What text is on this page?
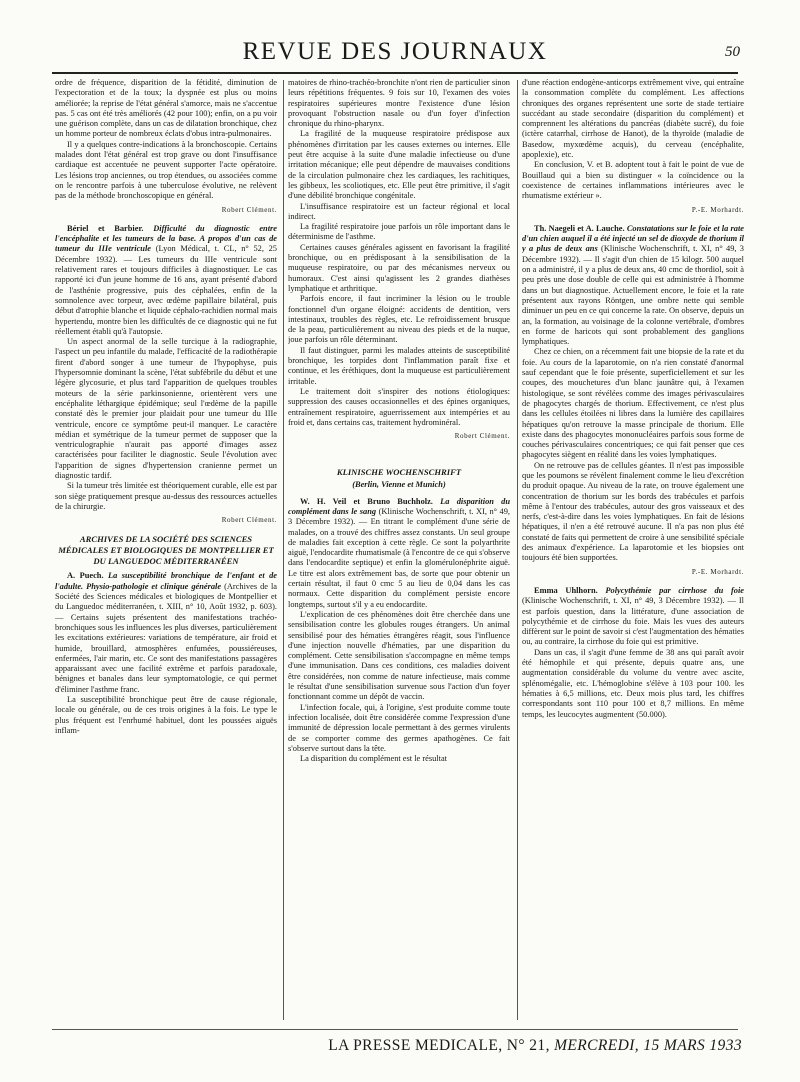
REVUE DES JOURNAUX	50

ordre de fréquence, disparition de la fétidité, diminution de l'expectoration et de la toux; la dyspnée est plus ou moins améliorée; la reprise de l'état général s'amorce, mais ne s'accentue pas. 5 cas ont été très améliorés (42 pour 100); enfin, on a pu voir une guérison complète, dans un cas de dilatation bronchique, chez un homme porteur de nombreux éclats d'obus intra-pulmonaires.

Il y a quelques contre-indications à la bronchoscopie. Certains malades dont l'état général est trop grave ou dont l'insuffisance cardiaque est accentuée ne peuvent supporter l'acte opératoire. Les lésions trop anciennes, ou trop étendues, ou associées comme on le rencontre parfois à une tuberculose évolutive, ne relèvent pas de la méthode bronchoscopique en général.

Robert Clément.

Bériel et Barbier. Difficulté du diagnostic entre l'encéphalite et les tumeurs de la base. A propos d'un cas de tumeur du IIIe ventricule (Lyon Médical, t. CL, n° 52, 25 Décembre 1932). — Les tumeurs du IIIe ventricule sont relativement rares et toujours difficiles à diagnostiquer. Le cas rapporté ici d'un jeune homme de 16 ans, ayant présenté d'abord de l'asthénie progressive, puis des céphalées, enfin de la somnolence avec torpeur, avec œdème papillaire bilatéral, puis début d'atrophie blanche et liquide céphalo-rachidien normal mais hypertendu, montre bien les difficultés de ce diagnostic qui ne fut réellement établi qu'à l'autopsie.

Un aspect anormal de la selle turcique à la radiographie, l'aspect un peu infantile du malade, l'efficacité de la radiothérapie firent d'abord songer à une tumeur de l'hypophyse, puis l'hypersomnie dominant la scène, l'état subfébrile du début et une légère glycosurie, et plus tard l'apparition de quelques troubles moteurs de la série parkinsonienne, orientèrent vers une encéphalite léthargique épidémique; seul l'œdème de la papille constaté dès le premier jour plaidait pour une tumeur du IIIe ventricule, encore ce symptôme peut-il manquer. Le caractère médian et symétrique de la tumeur permet de supposer que la ventriculographie n'aurait pas apporté d'images assez caractérisées pour faciliter le diagnostic. Seule l'évolution avec l'apparition de signes d'hypertension cranienne permet un diagnostic tardif.

Si la tumeur très limitée est théoriquement curable, elle est par son siège pratiquement presque au-dessus des ressources actuelles de la chirurgie.

Robert Clément.
ARCHIVES DE LA SOCIÉTÉ DES SCIENCES MÉDICALES ET BIOLOGIQUES DE MONTPELLIER ET DU LANGUEDOC MÉDITERRANÉEN

A. Puech. La susceptibilité bronchique de l'enfant et de l'adulte. Physio-pathologie et clinique générale (Archives de la Société des Sciences médicales et biologiques de Montpellier et du Languedoc méditerranéen, t. XIII, n° 10, Août 1932, p. 603). — Certains sujets présentent des manifestations trachéo-bronchiques sous les influences les plus diverses, particulièrement les excitations extérieures: variations de température, air froid et humide, brouillard, atmosphères enfumées, poussiéreuses, enfermées, l'air marin, etc. Ce sont des manifestations passagères apparaissant avec une facilité extrême et parfois paradoxale, bénignes et banales dans leur symptomatologie, ce qui permet d'éliminer l'asthme franc.

La susceptibilité bronchique peut être de cause régionale, locale ou générale, ou de ces trois origines à la fois. Le type le plus fréquent est l'enrhumé habituel, dont les poussées aiguës inflam-

matoires de rhino-trachéo-bronchite n'ont rien de particulier sinon leurs répétitions fréquentes. 9 fois sur 10, l'examen des voies respiratoires supérieures montre l'existence d'une lésion provoquant l'obstruction nasale ou d'un foyer d'infection chronique du rhino-pharynx.

La fragilité de la muqueuse respiratoire prédispose aux phénomènes d'irritation par les causes externes ou internes. Elle peut être acquise à la suite d'une maladie infectieuse ou d'une irritation mécanique; elle peut dépendre de mauvaises conditions de la circulation pulmonaire chez les cardiaques, les rachitiques, les gibbeux, les scoliotiques, etc. Elle peut être primitive, il s'agit d'une débilité bronchique congénitale.

L'insuffisance respiratoire est un facteur régional et local indirect.

La fragilité respiratoire joue parfois un rôle important dans le déterminisme de l'asthme.

Certaines causes générales agissent en favorisant la fragilité bronchique, ou en prédisposant à la sensibilisation de la muqueuse respiratoire, ou par des mécanismes nerveux ou humoraux. C'est ainsi qu'agissent les 2 grandes diathèses lymphatique et arthritique.

Parfois encore, il faut incriminer la lésion ou le trouble fonctionnel d'un organe éloigné: accidents de dentition, vers intestinaux, troubles des règles, etc. Le refroidissement brusque de la peau, particulièrement au niveau des pieds et de la nuque, joue parfois un rôle déterminant.

Il faut distinguer, parmi les malades atteints de susceptibilité bronchique, les torpides dont l'inflammation paraît fixe et continue, et les éréthiques, dont la muqueuse est particulièrement irritable.

Le traitement doit s'inspirer des notions étiologiques: suppression des causes occasionnelles et des épines organiques, entraînement respiratoire, aguerrissement aux intempéries et au froid et, dans certains cas, traitement hydrominéral.

Robert Clément.
KLINISCHE WOCHENSCHRIFT
(Berlin, Vienne et Munich)

W. H. Veil et Bruno Buchholz. La disparition du complément dans le sang (Klinische Wochenschrift, t. XI, n° 49, 3 Décembre 1932). — En titrant le complément d'une série de malades, on a trouvé des chiffres assez constants. Un seul groupe de maladies fait exception à cette règle. Ce sont la polyarthrite aiguë, l'endocardite rhumatismale (à l'encontre de ce qui s'observe dans l'endocardite septique) et enfin la glomérulonéphrite aiguë. Le titre est alors extrêmement bas, de sorte que pour obtenir un certain résultat, il faut 0 cmc 5 au lieu de 0,04 dans les cas normaux. Cette disparition du complément persiste encore longtemps, surtout s'il y a eu endocardite.

L'explication de ces phénomènes doit être cherchée dans une sensibilisation contre les globules rouges étrangers. Un animal sensibilisé pour des hématies étrangères réagit, sous l'influence d'une injection nouvelle d'hématies, par une disparition du complément. Cette sensibilisation s'accompagne en même temps d'une immunisation. Dans ces conditions, ces maladies doivent être considérées, non comme de nature infectieuse, mais comme le résultat d'une sensibilisation survenue sous l'action d'un foyer fonctionnant comme un dépôt de vaccin.

L'infection focale, qui, à l'origine, s'est produite comme toute infection localisée, doit être considérée comme l'expression d'une immunité de dépression locale permettant à des germes virulents de se comporter comme des germes apathogènes. Ce fait s'observe surtout dans la tête.

La disparition du complément est le résultat

d'une réaction endogène-anticorps extrêmement vive, qui entraîne la consommation complète du complément. Les affections chroniques des organes représentent une sorte de stade tertiaire succédant au stade secondaire (disparition du complément) et comprennent les altérations du pancréas (diabète sucré), du foie (ictère catarrhal, cirrhose de Hanot), de la thyroïde (maladie de Basedow, myxœdème acquis), du cerveau (encéphalite, apoplexie), etc.

En conclusion, V. et B. adoptent tout à fait le point de vue de Bouillaud qui a bien su distinguer « la coïncidence ou la coexistence de certaines inflammations intérieures avec le rhumatisme extérieur ».

P.-E. Morhardt.

Th. Naegeli et A. Lauche. Constatations sur le foie et la rate d'un chien auquel il a été injecté un sel de dioxyde de thorium il y a plus de deux ans (Klinische Wochenschrift, t. XI, n° 49, 3 Décembre 1932). — Il s'agit d'un chien de 15 kilogr. 500 auquel on a administré, il y a plus de deux ans, 40 cmc de thordiol, soit à peu près une dose double de celle qui est administrée à l'homme dans un but diagnostique. Actuellement encore, le foie et la rate présentent aux rayons Röntgen, une ombre nette qui semble diminuer un peu en ce qui concerne la rate. On observe, depuis un an, la formation, au voisinage de la colonne vertébrale, d'ombres en forme de haricots qui sont probablement des ganglions lymphatiques.

Chez ce chien, on a récemment fait une biopsie de la rate et du foie. Au cours de la laparotomie, on n'a rien constaté d'anormal sauf cependant que le foie présente, superficiellement et sur les coupes, des mouchetures d'un blanc jaunâtre qui, à l'examen histologique, se sont révélées comme des images périvasculaires de phagocytes chargés de thorium. Effectivement, ce n'est plus dans les cellules étoilées ni libres dans la lumière des capillaires hépatiques qu'on retrouve la masse principale de thorium. Elle existe dans des phagocytes mononucléaires parfois sous forme de couches périvasculaires concentriques; ce qui fait penser que ces phagocytes siègent en réalité dans les voies lymphatiques.

On ne retrouve pas de cellules géantes. Il n'est pas impossible que les poumons se révèlent finalement comme le lieu d'excrétion du produit opaque. Au niveau de la rate, on trouve également une concentration de thorium sur les bords des trabécules et parfois même à l'entour des trabécules, autour des gros vaisseaux et des nerfs, c'est-à-dire dans les voies lymphatiques. En fait de lésions hépatiques, il n'en a été retrouvé aucune. Il n'a pas non plus été constaté de faits qui permettent de croire à une sensibilité spéciale des animaux d'expérience. La laparotomie et les biopsies ont toujours été bien supportées.

P.-E. Morhardt.

Emma Uhlhorn. Polycythémie par cirrhose du foie (Klinische Wochenschrift, t. XI, n° 49, 3 Décembre 1932). — Il est parfois question, dans la littérature, d'une association de polycythémie et de cirrhose du foie. Mais les vues des auteurs diffèrent sur le point de savoir si c'est l'augmentation des hématies ou, au contraire, la cirrhose du foie qui est primitive.

Dans un cas, il s'agit d'une femme de 38 ans qui paraît avoir été hémophile et qui présente, depuis quatre ans, une augmentation considérable du volume du ventre avec ascite, splénomégalie, etc. L'hémoglobine s'élève à 103 pour 100. les hématies à 6,5 millions, etc. Deux mois plus tard, les chiffres correspondants sont 110 pour 100 et 8,7 millions. En même temps, les leucocytes augmentent (50.000).

LA PRESSE MEDICALE, N° 21, MERCREDI, 15 MARS 1933
